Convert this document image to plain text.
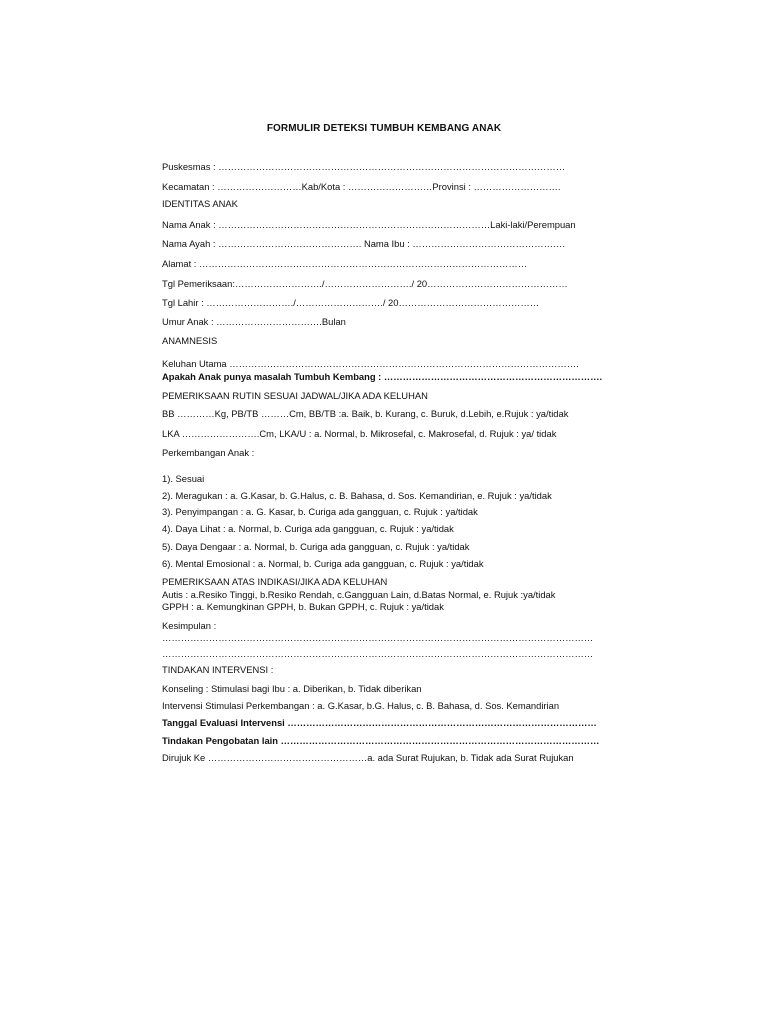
FORMULIR DETEKSI TUMBUH KEMBANG ANAK
Puskesmas : …………………………………………………………………………………………………
Kecamatan : ………………………Kab/Kota : ………………………Provinsi : ……………………….
IDENTITAS ANAK
Nama Anak : ……………………………………………………………………………Laki-laki/Perempuan
Nama Ayah : ………………………………………. Nama Ibu : ………………………………………….
Alamat : ……………………………………………………………………………………………
Tgl Pemeriksaan:………………………./………………………./ 20………………………………………
Tgl Lahir : ………………………./………………………./ 20………………………………………
Umur Anak : …………………………….Bulan
ANAMNESIS
Keluhan Utama ………………………………………………………………………………………………….
Apakah Anak punya masalah Tumbuh Kembang : …………………………………………………………….
PEMERIKSAAN RUTIN SESUAI JADWAL/JIKA ADA KELUHAN
BB …………Kg, PB/TB ………Cm, BB/TB :a. Baik, b. Kurang, c. Buruk, d.Lebih, e.Rujuk : ya/tidak
LKA …………………….Cm, LKA/U : a. Normal, b. Mikrosefal, c. Makrosefal, d. Rujuk : ya/ tidak
Perkembangan Anak :
1). Sesuai
2). Meragukan : a. G.Kasar, b. G.Halus, c. B. Bahasa, d. Sos. Kemandirian, e. Rujuk : ya/tidak
3). Penyimpangan : a. G. Kasar, b. Curiga ada gangguan, c. Rujuk : ya/tidak
4). Daya Lihat : a. Normal, b. Curiga ada gangguan, c. Rujuk : ya/tidak
5). Daya Dengaar : a. Normal, b. Curiga ada gangguan, c. Rujuk : ya/tidak
6). Mental Emosional : a. Normal, b. Curiga ada gangguan, c. Rujuk : ya/tidak
PEMERIKSAAN ATAS INDIKASI/JIKA ADA KELUHAN
Autis : a.Resiko Tinggi, b.Resiko Rendah, c.Gangguan Lain, d.Batas Normal, e. Rujuk :ya/tidak
GPPH : a. Kemungkinan GPPH, b. Bukan GPPH, c. Rujuk : ya/tidak
Kesimpulan :
…………………………………………………………………………………………………………………………
…………………………………………………………………………………………………………………………
TINDAKAN INTERVENSI :
Konseling : Stimulasi bagi Ibu : a. Diberikan, b. Tidak diberikan
Intervensi Stimulasi Perkembangan : a. G.Kasar, b.G. Halus, c. B. Bahasa, d. Sos. Kemandirian
Tanggal Evaluasi Intervensi ………………………………………………………………………………………
Tindakan Pengobatan lain …………………………………………………………………………………………
Dirujuk Ke ……………………………………………a. ada Surat Rujukan, b. Tidak ada Surat Rujukan
